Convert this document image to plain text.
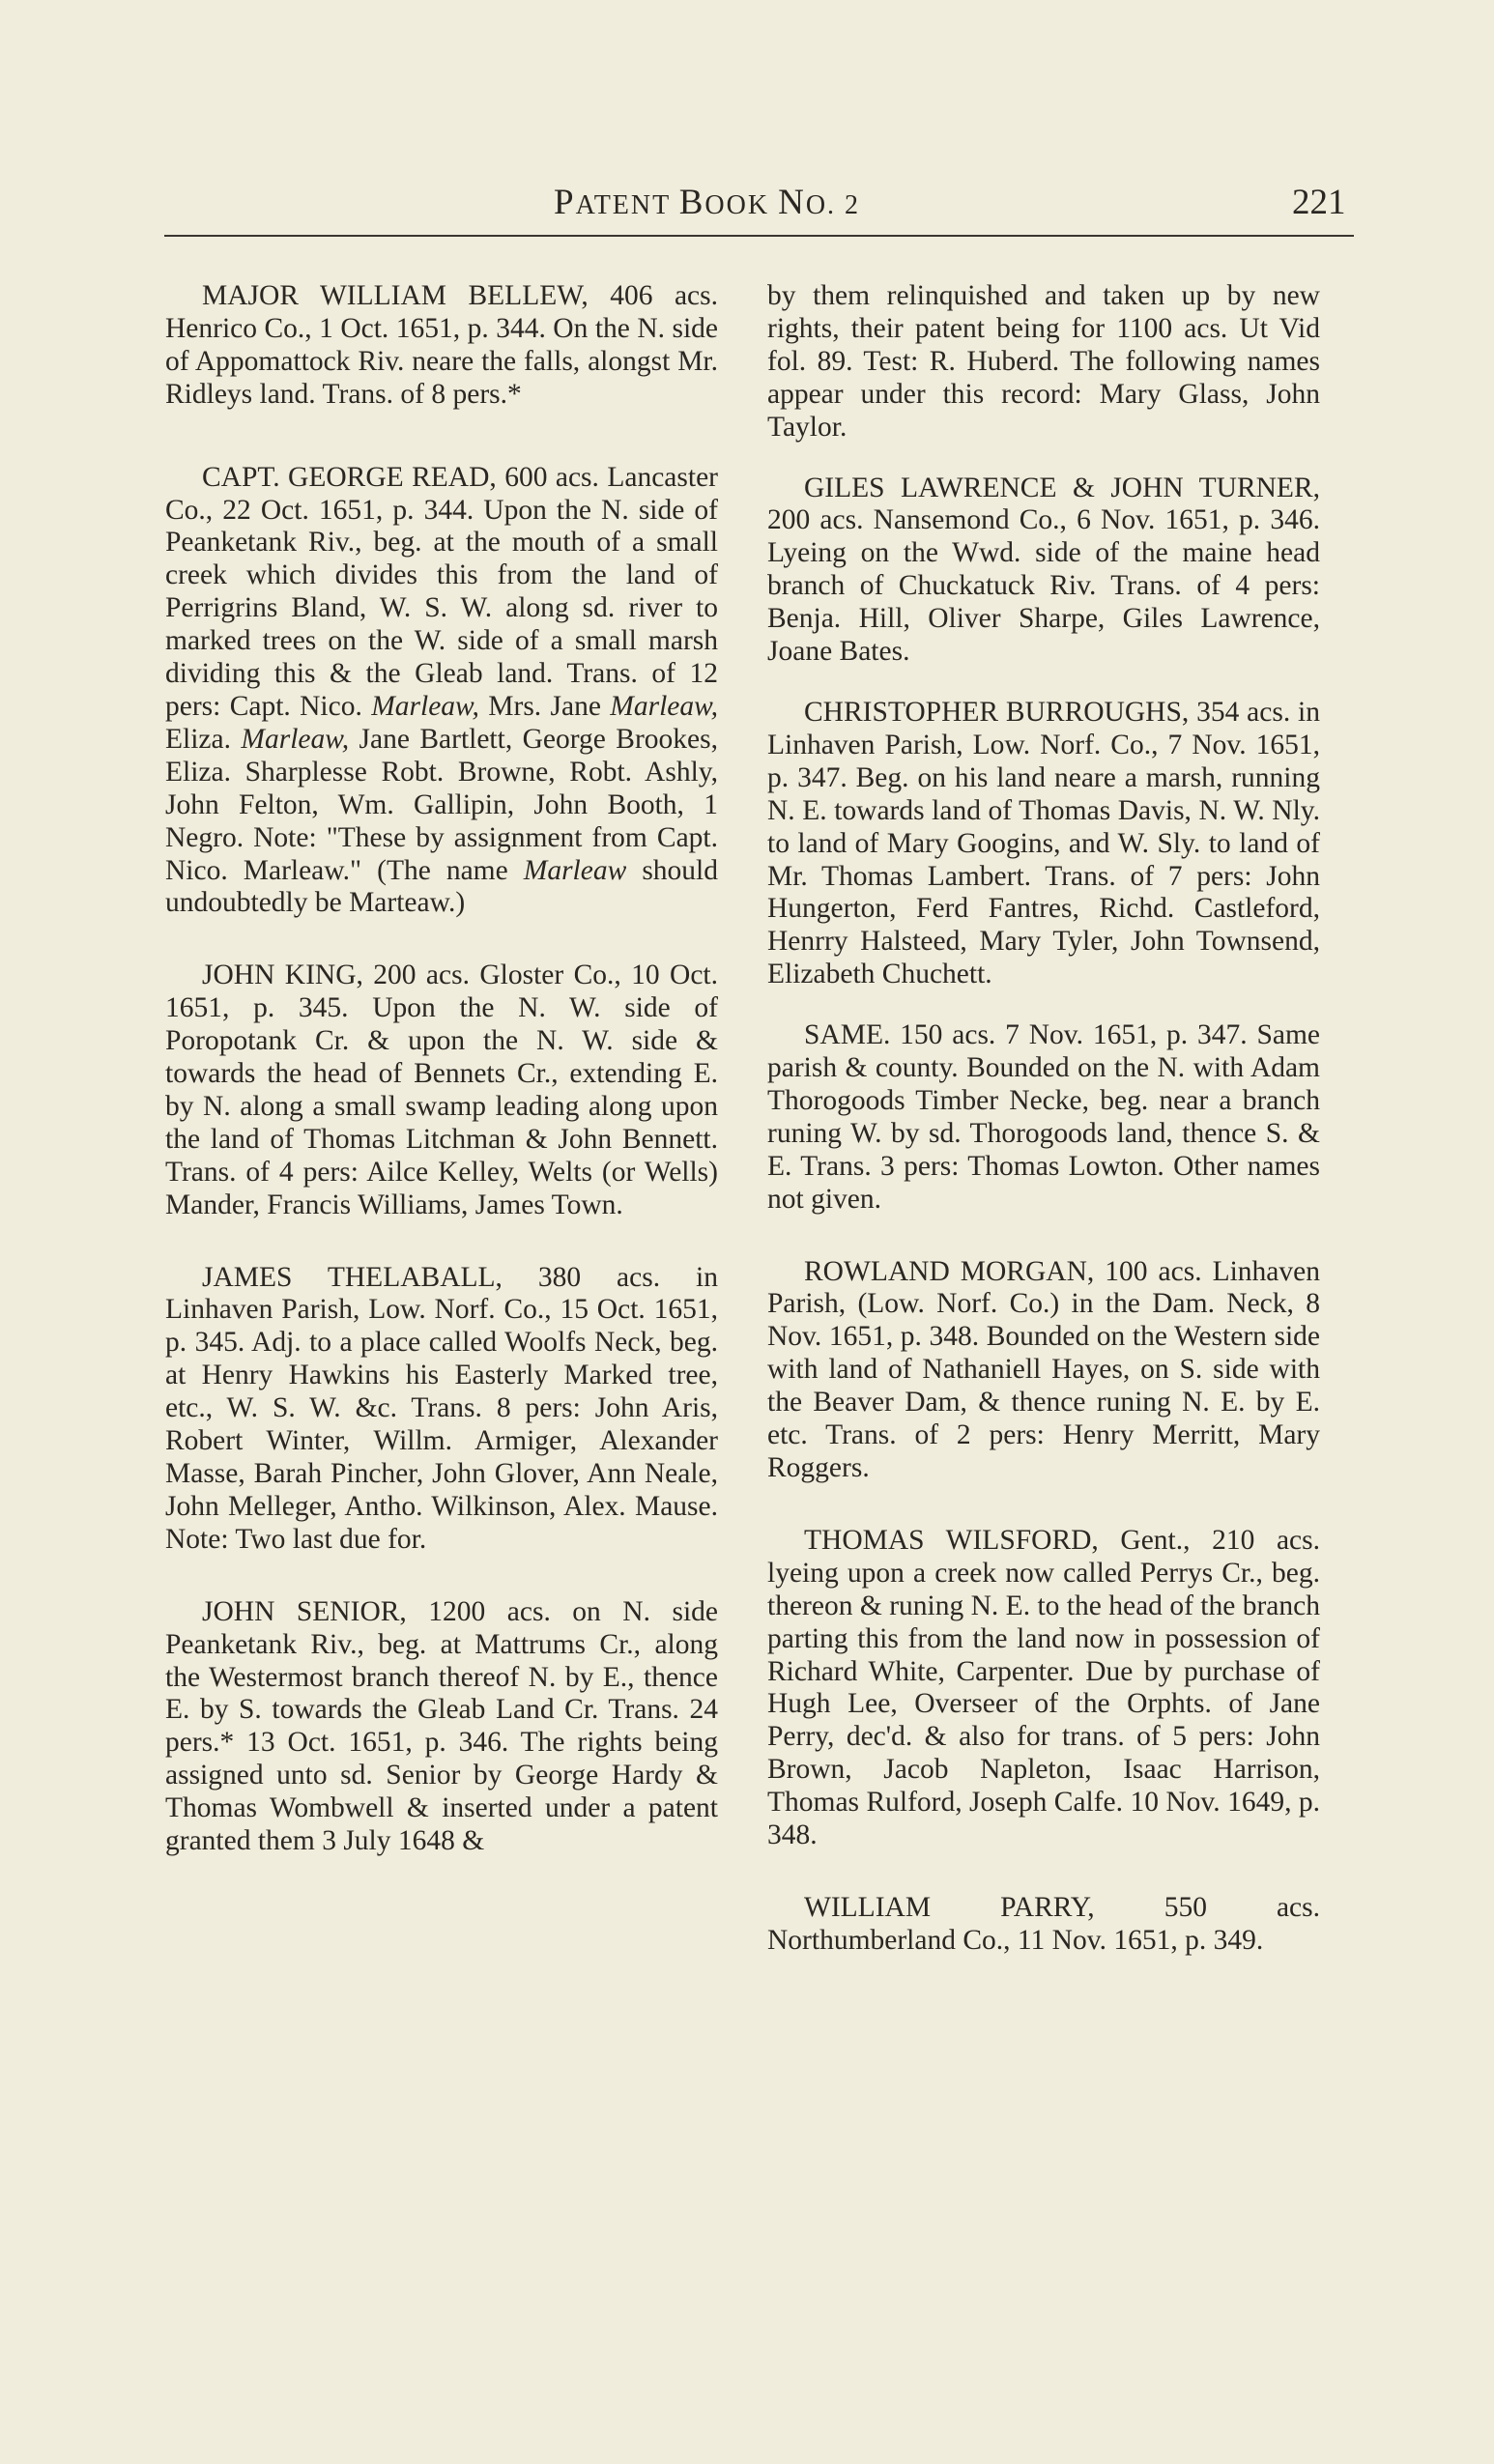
PATENT BOOK NO. 2	221

MAJOR WILLIAM BELLEW, 406 acs. Henrico Co., 1 Oct. 1651, p. 344. On the N. side of Appomattock Riv. neare the falls, alongst Mr. Ridleys land. Trans. of 8 pers.*

CAPT. GEORGE READ, 600 acs. Lancaster Co., 22 Oct. 1651, p. 344. Upon the N. side of Peanketank Riv., beg. at the mouth of a small creek which divides this from the land of Perrigrins Bland, W. S. W. along sd. river to marked trees on the W. side of a small marsh dividing this & the Gleab land. Trans. of 12 pers: Capt. Nico. Marleaw, Mrs. Jane Marleaw, Eliza. Marleaw, Jane Bartlett, George Brookes, Eliza. Sharplesse Robt. Browne, Robt. Ashly, John Felton, Wm. Gallipin, John Booth, 1 Negro. Note: "These by assignment from Capt. Nico. Marleaw." (The name Marleaw should undoubtedly be Marteaw.)

JOHN KING, 200 acs. Gloster Co., 10 Oct. 1651, p. 345. Upon the N. W. side of Poropotank Cr. & upon the N. W. side & towards the head of Bennets Cr., extending E. by N. along a small swamp leading along upon the land of Thomas Litchman & John Bennett. Trans. of 4 pers: Ailce Kelley, Welts (or Wells) Mander, Francis Williams, James Town.

JAMES THELABALL, 380 acs. in Linhaven Parish, Low. Norf. Co., 15 Oct. 1651, p. 345. Adj. to a place called Woolfs Neck, beg. at Henry Hawkins his Easterly Marked tree, etc., W. S. W. &c. Trans. 8 pers: John Aris, Robert Winter, Willm. Armiger, Alexander Masse, Barah Pincher, John Glover, Ann Neale, John Melleger, Antho. Wilkinson, Alex. Mause. Note: Two last due for.

JOHN SENIOR, 1200 acs. on N. side Peanketank Riv., beg. at Mattrums Cr., along the Westermost branch thereof N. by E., thence E. by S. towards the Gleab Land Cr. Trans. 24 pers.* 13 Oct. 1651, p. 346. The rights being assigned unto sd. Senior by George Hardy & Thomas Wombwell & inserted under a patent granted them 3 July 1648 &

by them relinquished and taken up by new rights, their patent being for 1100 acs. Ut Vid fol. 89. Test: R. Huberd. The following names appear under this record: Mary Glass, John Taylor.

GILES LAWRENCE & JOHN TURNER, 200 acs. Nansemond Co., 6 Nov. 1651, p. 346. Lyeing on the Wwd. side of the maine head branch of Chuckatuck Riv. Trans. of 4 pers: Benja. Hill, Oliver Sharpe, Giles Lawrence, Joane Bates.

CHRISTOPHER BURROUGHS, 354 acs. in Linhaven Parish, Low. Norf. Co., 7 Nov. 1651, p. 347. Beg. on his land neare a marsh, running N. E. towards land of Thomas Davis, N. W. Nly. to land of Mary Googins, and W. Sly. to land of Mr. Thomas Lambert. Trans. of 7 pers: John Hungerton, Ferd Fantres, Richd. Castleford, Henrry Halsteed, Mary Tyler, John Townsend, Elizabeth Chuchett.

SAME. 150 acs. 7 Nov. 1651, p. 347. Same parish & county. Bounded on the N. with Adam Thorogoods Timber Necke, beg. near a branch runing W. by sd. Thorogoods land, thence S. & E. Trans. 3 pers: Thomas Lowton. Other names not given.

ROWLAND MORGAN, 100 acs. Linhaven Parish, (Low. Norf. Co.) in the Dam. Neck, 8 Nov. 1651, p. 348. Bounded on the Western side with land of Nathaniell Hayes, on S. side with the Beaver Dam, & thence runing N. E. by E. etc. Trans. of 2 pers: Henry Merritt, Mary Roggers.

THOMAS WILSFORD, Gent., 210 acs. lyeing upon a creek now called Perrys Cr., beg. thereon & runing N. E. to the head of the branch parting this from the land now in possession of Richard White, Carpenter. Due by purchase of Hugh Lee, Overseer of the Orphts. of Jane Perry, dec'd. & also for trans. of 5 pers: John Brown, Jacob Napleton, Isaac Harrison, Thomas Rulford, Joseph Calfe. 10 Nov. 1649, p. 348.

WILLIAM PARRY, 550 acs. Northumberland Co., 11 Nov. 1651, p. 349.
